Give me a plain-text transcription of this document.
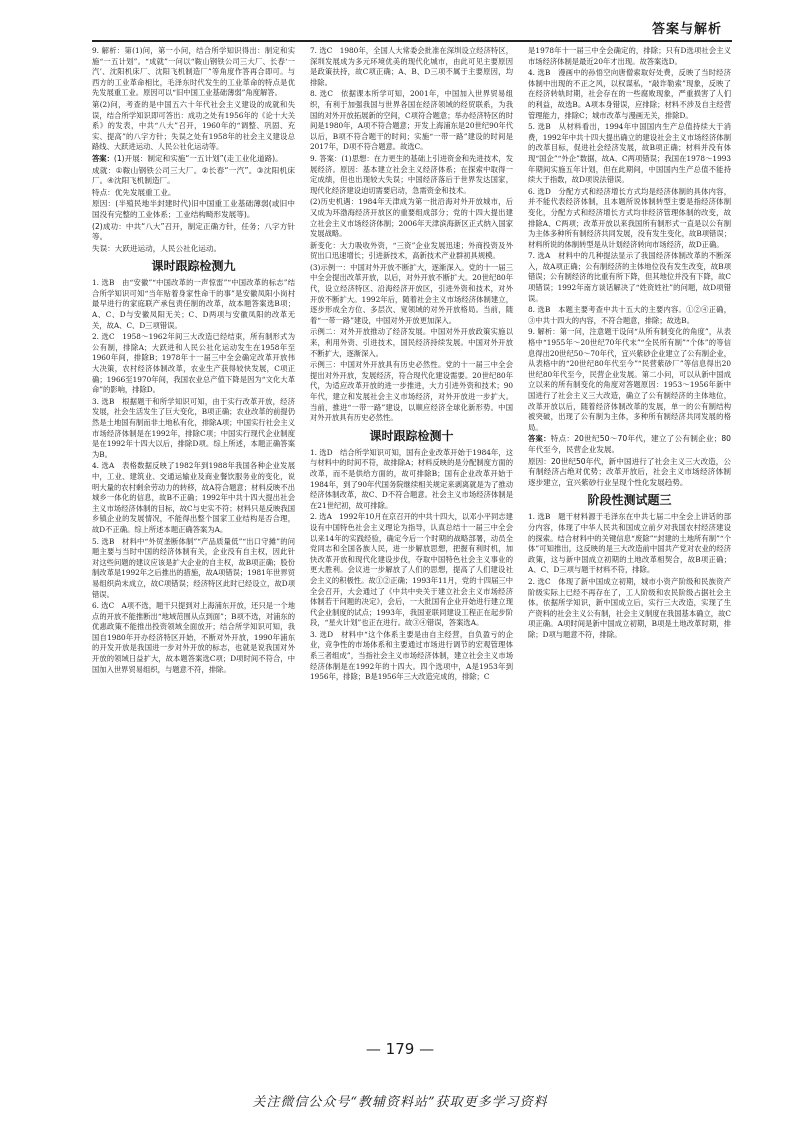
答案与解析

9. 解析：第(1)问，第一小问，结合所学知识得出：制定和实施“一五计划”。“成就”一问以“鞍山钢铁公司三大厂、长春‘一汽’、沈阳机床厂、沈阳飞机制造厂”等角度作答再合即可。与西方的工业革命相比，毛泽东时代发生的工业革命的特点是优先发展重工业。原因可以“旧中国工业基础薄弱”角度解答。

第(2)问，考查的是中国五六十年代社会主义建设的成就和失误，结合所学知识即可答出：成功之处有1956年的《论十大关系》的发表，中共“八大”召开，1960年的“调整、巩固、充实、提高”的八字方针；失误之处有1958年的社会主义建设总路线、大跃进运动、人民公社化运动等。

答案：(1)开展：制定和实施“一五计划”(走工业化道路)。

成就：①鞍山钢铁公司三大厂。②长春“一汽”。③沈阳机床厂。④沈阳飞机制造厂。

特点：优先发展重工业。

原因：(半殖民地半封建时代)旧中国重工业基础薄弱(或旧中国没有完整的工业体系；工业结构畸形发展等)。

(2)成功：中共“八大”召开，制定正确方针，任务；八字方针等。

失误：大跃进运动，人民公社化运动。

课时跟踪检测九

1. 选B　由“安徽”“中国改革的一声惊雷”“中国改革的标志”结合所学知识可知“当年贴着身家性命干的事”是安徽凤阳小岗村最早进行的家庭联产承包责任制的改革，故本题答案选B项；A、C、D与安徽凤阳无关；C、D两项与安徽凤阳的改革无关，故A、C、D三项错误。

2. 选C　1958～1962年间三大改造已经结束，所有制形式为公有制，排除A；大跃进和人民公社化运动发生在1958年至1960年间，排除B；1978年十一届三中全会确定改革开放伟大决策，农村经济体制改革，农业生产获得较快发展，C项正确；1966至1970年间，我国农业总产值下降是因为“文化大革命”的影响，排除D。

3. 选B　根据题干和所学知识可知，由于实行改革开放，经济发展，社会生活发生了巨大变化，B项正确；农业改革的前提仍然是土地国有制而非土地私有化，排除A项；中国实行社会主义市场经济体制是在1992年，排除C项；中国实行现代企业制度是在1992年十四大以后，排除D项。综上所述，本题正确答案为B。

4. 选A　表格数据反映了1982年到1988年我国各种企业发展中，工业、建筑业、交通运输业及商业餐饮服务业的变化，说明大量的农村剩余劳动力的转移，故A符合题意；材料反映不出城乡一体化的信息，故B不正确；1992年中共十四大提出社会主义市场经济体制的目标，故C与史实不符；材料只是反映我国乡镇企业的发展情况，不能得出整个国家工业结构是否合理，故D不正确。综上所述本题正确答案为A。

5. 选B　材料中“外贸垄断体制”“产品质量低”“出口守摊”的问题主要与当时中国的经济体制有关，企业没有自主权，因此针对这些问题的建议应该是扩大企业的自主权，故B项正确；股份制改革是1992年之后推出的措施，故A项错误；1981年世界贸易组织尚未成立，故C项错误；经济特区此时已经设立，故D项错误。

6. 选C　A项不选，题干只提到对上海浦东开放，还只是一个地点的开放不能推断出“地域范围从点到面”；B项不选，对浦东的优惠政策不能推出投资领域全面放开；结合所学知识可知，我国自1980年开办经济特区开始，不断对外开放，1990年浦东的开发开放是我国进一步对外开放的标志，也就是说我国对外开放的领域日益扩大，故本题答案选C项；D项时间不符合，中国加入世界贸易组织，与题意不符，排除。

7. 选C　1980年，全国人大常委会批准在深圳设立经济特区，深圳发展成为多元环境优美的现代化城市，由此可见主要原因是政策扶持，故C项正确；A、B、D三项不属于主要原因，均排除。

8. 选C　依据课本所学可知，2001年，中国加入世界贸易组织，有利于加强我国与世界各国在经济领域的经贸联系，为我国的对外开放拓展新的空间，C项符合题意；举办经济特区的时间是1980年，A项不符合题意；开发上海浦东是20世纪90年代以后，B项不符合题干的时间；实施“一带一路”建设的时间是2017年，D项不符合题意。故选C。

9. 答案：(1)思想：在力更生的基础上引进资金和先进技术，发展经济。原因：基本建立社会主义经济体系；在探索中取得一定成绩，但也出现较大失误；中国经济落后于世界发达国家，现代化经济建设迫切需要启动，急需资金和技术。

(2)历史机遇：1984年天津成为第一批沿海对外开放城市，后又成为环渤海经济开放区的重要组成部分；党的十四大提出建立社会主义市场经济体制；2006年天津滨海新区正式纳入国家发展战略。

新变化：大力吸收外资，“三资”企业发展迅速；外商投资及外贸出口迅速增长；引进新技术，高新技术产业群初具规模。

(3)示例一：中国对外开放不断扩大，逐渐深入。党的十一届三中全会提出改革开放，以后，对外开放不断扩大。20世纪80年代，设立经济特区、沿海经济开放区，引进外资和技术，对外开放不断扩大。1992年后，随着社会主义市场经济体制建立，逐步形成全方位、多层次、宽领域的对外开放格局。当前，随着“一带一路”建设，中国对外开放更加深入。

示例二：对外开放推动了经济发展。中国对外开放政策实施以来，利用外资、引进技术，国民经济持续发展。中国对外开放不断扩大，逐渐深入。

示例三：中国对外开放具有历史必然性。党的十一届三中全会提出对外开放，发展经济，符合现代化建设需要。20世纪80年代，为适应改革开放的进一步推进，大力引进外资和技术；90年代，建立和发展社会主义市场经济，对外开放进一步扩大。当前，推进“一带一路”建设，以顺应经济全球化新形势。中国对外开放具有历史必然性。

课时跟踪检测十

1. 选D　结合所学知识可知，国有企业改革开始于1984年，这与材料中的时间不符，故排除A；材料反映的是分配制度方面的改革，而不是供给方面的，故可排除B；国有企业改革开始于1984年，到了90年代国务院继续相关规定来剥离就是为了推动经济体制改革，故C、D不符合题意。社会主义市场经济体制是在21世纪初，故可排除。

2. 选A　1992年10月在京召开的中共十四大，以邓小平同志建设有中国特色社会主义理论为指导，认真总结十一届三中全会以来14年的实践经验，确定今后一个时期的战略部署，动员全党同志和全国各族人民，进一步解放思想，把握有利时机，加快改革开放和现代化建设步伐，夺取中国特色社会主义事业的更大胜利。会议进一步解放了人们的思想，提高了人们建设社会主义的积极性。故①②正确；1993年11月，党的十四届三中全会召开，大会通过了《中共中央关于建立社会主义市场经济体制若干问题的决定》，会后，一大批国有企业开始进行建立现代企业制度的试点；1993年，我国亚联同建设工程正在起步阶段，“星火计划”也正在进行。故③④错误，答案选A。

3. 选D　材料中“这个体系主要是由自主经营，自负盈亏的企业，竞争性的市场体系和主要通过市场进行调节的宏观管理体系三者组成”，当指社会主义市场经济体制，建立社会主义市场经济体制是在1992年的十四大。四个选项中，A是1953年到1956年，排除；B是1956年三大改造完成的，排除；C

是1978年十一届三中全会确定的，排除；只有D选项社会主义市场经济体制是最近20年才出现。故答案选D。

4. 选B　漫画中的孙悟空向唐僧索取好处费，反映了当时经济体制中出现的不正之风，以权谋私，“敲诈勒索”现象，反映了在经济转轨时期，社会存在的一些腐败现象，严重损害了人们的利益，故选B。A项本身错误，应排除；材料不涉及自主经营管理能力，排除C；城市改革与漫画无关，排除D。

5. 选B　从材料看出，1994年中国国内生产总值持续大于消费，1992年中共十四大提出确立的建设社会主义市场经济体制的改革目标，促进社会经济发展，故B项正确；材料并没有体现“国企”“外企”数据，故A、C两项错误；我国在1978～1993年期间实施五年计划，但在此期间，中国国内生产总值不能持续大于指数，故D项说法错误。

6. 选D　分配方式和经济增长方式均是经济体制的具体内容，并不能代表经济体制，且本题所说体制转型主要是指经济体制变化，分配方式和经济增长方式均非经济管理体制的改变，故排除A、C两项；改革开放以来我国所有制形式一直是以公有制为主体多种所有制经济共同发展，没有发生变化，故B项错误；材料所说的体制转型是从计划经济转向市场经济，故D正确。

7. 选A　材料中的几种提法显示了我国经济体制改革的不断深入，故A项正确；公有制经济的主体地位没有发生改变，故B项错误；公有制经济的比重有所下降，但其地位并没有下降，故C项错误；1992年南方谈话解决了“姓资姓社”的问题，故D项错误。

8. 选B　本题主要考查中共十五大的主要内容。①②④正确，③中共十四大的内容，不符合题意，排除；故选B。

9. 解析：第一问，注意题干设问“从所有制变化的角度”，从表格中“1955年～20世纪70年代末”“全民所有制”“个体”的等信息得出20世纪50～70年代，宜兴紫砂企业建立了公有制企业，从表格中的“20世纪80年代至今”“民营紫砂厂”等信息得出20世纪80年代至今，民营企业发展。第二小问，可以从新中国成立以来的所有制变化的角度对答题原因：1953～1956年新中国进行了社会主义三大改造，确立了公有制经济的主体地位，改革开放以后，随着经济体制改革的发展，单一的公有制结构被突破，出现了公有制为主体，多种所有制经济共同发展的格局。

答案：特点：20世纪50～70年代，建立了公有制企业；80年代至今，民营企业发展。

原因：20世纪50年代，新中国进行了社会主义三大改造，公有制经济占绝对优势；改革开放后，社会主义市场经济体制逐步建立，宜兴紫砂行业呈现个性化发展趋势。

阶段性测试题三

1. 选B　题干材料源于毛泽东在中共七届二中全会上讲话的部分内容，体现了中华人民共和国成立前夕对我国农村经济建设的探索。结合材料中的关键信息“废除”“封建的土地所有制”“个体”可知推出，这反映的是三大改造前中国共产党对农业的经济政策，这与新中国成立初期的土地改革相契合，故B项正确；A、C、D三项与题干材料不符，排除。

2. 选C　体现了新中国成立初期，城市小资产阶级和民族资产阶级实际上已经不再存在了，工人阶级和农民阶级占据社会主体。依据所学知识，新中国成立后，实行三大改造，实现了生产资料的社会主义公有制，社会主义制度在我国基本确立，故C项正确。A项时间是新中国成立初期，B项是土地改革时期，排除；D项与题意不符，排除。

— 179 —
关注微信公众号“教辅资料站”获取更多学习资料
